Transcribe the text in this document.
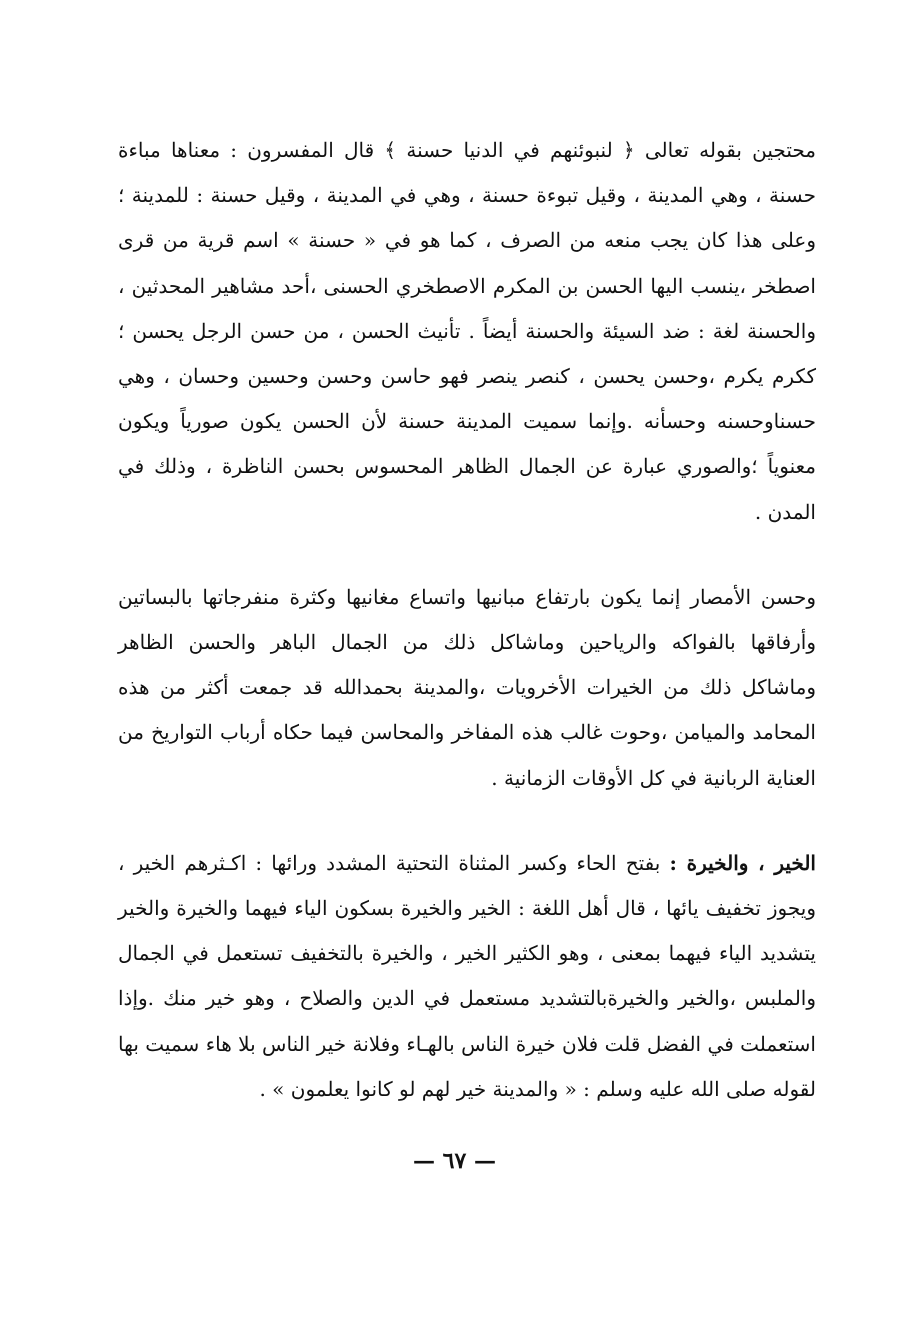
محتجين بقوله تعالى ﴿ لنبوئنهم في الدنيا حسنة ﴾ قال المفسرون : معناها مباءة حسنة ، وهي المدينة ، وقيل تبوءة حسنة ، وهي في المدينة ، وقيل حسنة : للمدينة ؛ وعلى هذا كان يجب منعه من الصرف ، كما هو في « حسنة » اسم قرية من قرى اصطخر ،ينسب اليها الحسن بن المكرم الاصطخري الحسنى ،أحد مشاهير المحدثين ، والحسنة لغة : ضد السيئة والحسنة أيضاً . تأنيث الحسن ، من حسن الرجل يحسن ؛ ككرم يكرم ،وحسن يحسن ، كنصر ينصر فهو حاسن وحسن وحسين وحسان ، وهي حسناوحسنه وحسأنه .وإنما سميت المدينة حسنة لأن الحسن يكون صورياً ويكون معنوياً ؛والصوري عبارة عن الجمال الظاهر المحسوس بحسن الناظرة ، وذلك في المدن .

وحسن الأمصار إنما يكون بارتفاع مبانيها واتساع مغانيها وكثرة منفرجاتها بالبساتين وأرفاقها بالفواكه والرياحين وماشاكل ذلك من الجمال الباهر والحسن الظاهر وماشاكل ذلك من الخيرات الأخرويات ،والمدينة بحمدالله قد جمعت أكثر من هذه المحامد والميامن ،وحوت غالب هذه المفاخر والمحاسن فيما حكاه أرباب التواريخ من العناية الربانية في كل الأوقات الزمانية .

الخير ، والخيرة : بفتح الحاء وكسر المثناة التحتية المشدد ورائها : اكـثرهم الخير ، ويجوز تخفيف يائها ، قال أهل اللغة : الخير والخيرة بسكون الياء فيهما والخيرة والخير يتشديد الياء فيهما بمعنى ، وهو الكثير الخير ، والخيرة بالتخفيف تستعمل في الجمال والملبس ،والخير والخيرةبالتشديد مستعمل في الدين والصلاح ، وهو خير منك .وإذا استعملت في الفضل قلت فلان خيرة الناس بالهـاء وفلانة خير الناس بلا هاء سميت بها لقوله صلى الله عليه وسلم : « والمدينة خير لهم لو كانوا يعلمون » .

— ٦٧ —
